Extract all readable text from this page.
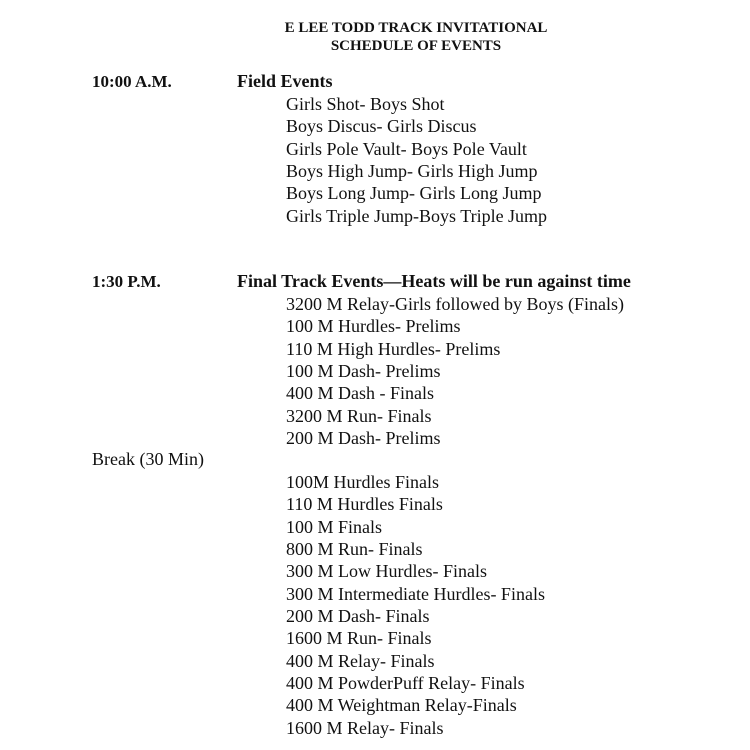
E LEE TODD TRACK INVITATIONAL
SCHEDULE OF EVENTS
10:00 A.M.	Field Events
Girls Shot- Boys Shot
Boys Discus- Girls Discus
Girls Pole Vault- Boys Pole Vault
Boys High Jump- Girls High Jump
Boys Long Jump- Girls Long Jump
Girls Triple Jump-Boys Triple Jump
1:30 P.M.	Final Track Events—Heats will be run against time
3200 M Relay-Girls followed by Boys (Finals)
100 M Hurdles- Prelims
110 M High Hurdles- Prelims
100 M Dash- Prelims
400 M Dash - Finals
3200 M Run- Finals
200 M Dash- Prelims
Break (30 Min)
100M Hurdles Finals
110 M Hurdles Finals
100 M Finals
800 M Run- Finals
300 M Low Hurdles- Finals
300 M Intermediate Hurdles- Finals
200 M Dash- Finals
1600 M Run- Finals
400 M Relay- Finals
400 M PowderPuff Relay- Finals
400 M Weightman Relay-Finals
1600 M Relay- Finals
